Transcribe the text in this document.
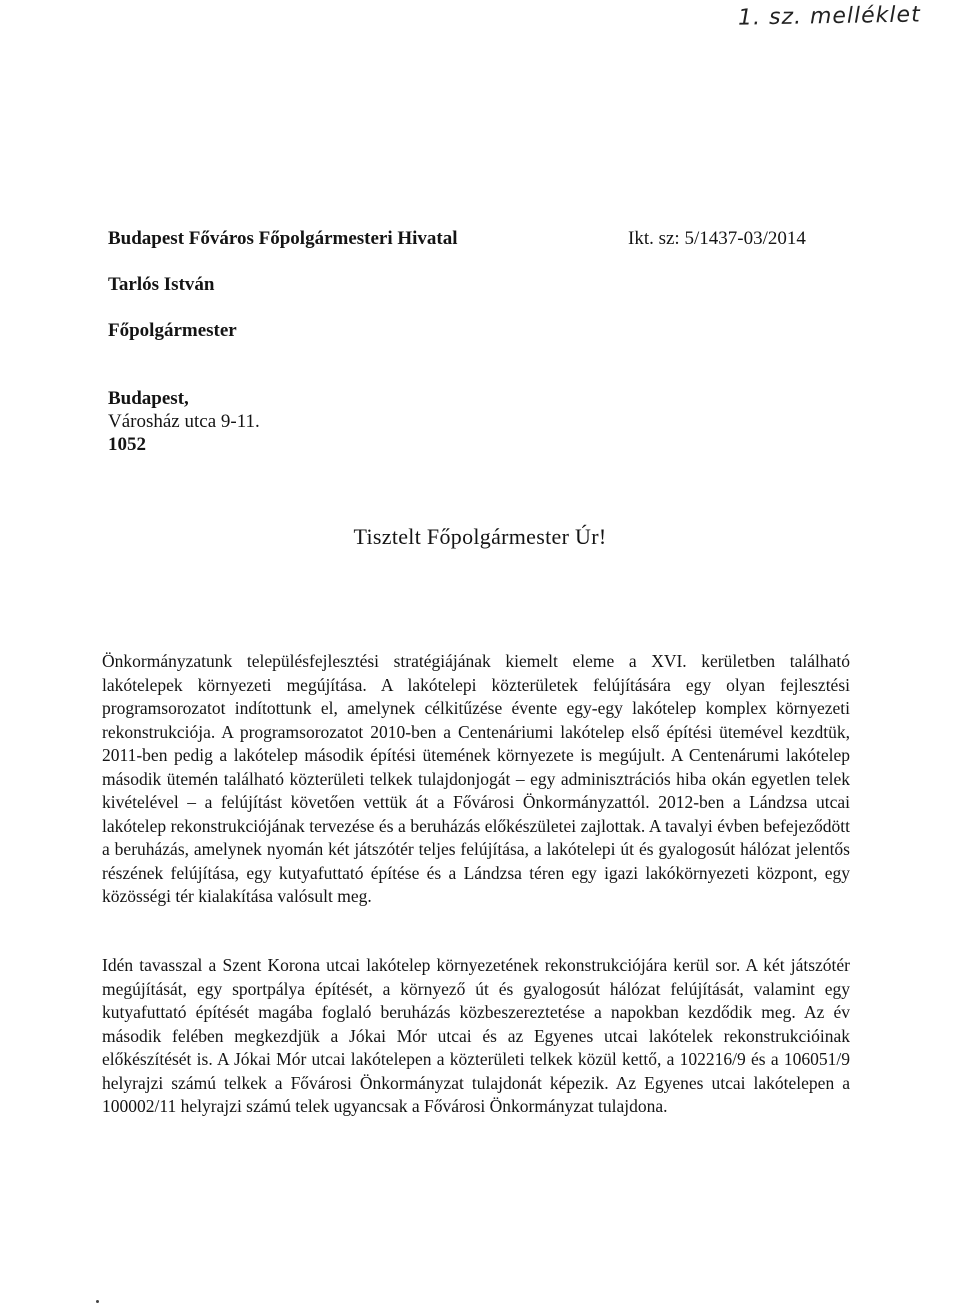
1. sz. melléklet
Budapest Főváros Főpolgármesteri Hivatal	Ikt. sz: 5/1437-03/2014
Tarlós István
Főpolgármester
Budapest,
Városház utca 9-11.
1052
Tisztelt Főpolgármester Úr!

Önkormányzatunk településfejlesztési stratégiájának kiemelt eleme a XVI. kerületben található lakótelepek környezeti megújítása. A lakótelepi közterületek felújítására egy olyan fejlesztési programsorozatot indítottunk el, amelynek célkitűzése évente egy-egy lakótelep komplex környezeti rekonstrukciója. A programsorozatot 2010-ben a Centenáriumi lakótelep első építési ütemével kezdtük, 2011-ben pedig a lakótelep második építési ütemének környezete is megújult. A Centenárumi lakótelep második ütemén található közterületi telkek tulajdonjogát – egy adminisztrációs hiba okán egyetlen telek kivételével – a felújítást követően vettük át a Fővárosi Önkormányzattól. 2012-ben a Lándzsa utcai lakótelep rekonstrukciójának tervezése és a beruházás előkészületei zajlottak. A tavalyi évben befejeződött a beruházás, amelynek nyomán két játszótér teljes felújítása, a lakótelepi út és gyalogosút hálózat jelentős részének felújítása, egy kutyafuttató építése és a Lándzsa téren egy igazi lakókörnyezeti központ, egy közösségi tér kialakítása valósult meg.

Idén tavasszal a Szent Korona utcai lakótelep környezetének rekonstrukciójára kerül sor. A két játszótér megújítását, egy sportpálya építését, a környező út és gyalogosút hálózat felújítását, valamint egy kutyafuttató építését magába foglaló beruházás közbeszereztetése a napokban kezdődik meg. Az év második felében megkezdjük a Jókai Mór utcai és az Egyenes utcai lakótelek rekonstrukcióinak előkészítését is. A Jókai Mór utcai lakótelepen a közterületi telkek közül kettő, a 102216/9 és a 106051/9 helyrajzi számú telkek a Fővárosi Önkormányzat tulajdonát képezik. Az Egyenes utcai lakótelepen a 100002/11 helyrajzi számú telek ugyancsak a Fővárosi Önkormányzat tulajdona.
